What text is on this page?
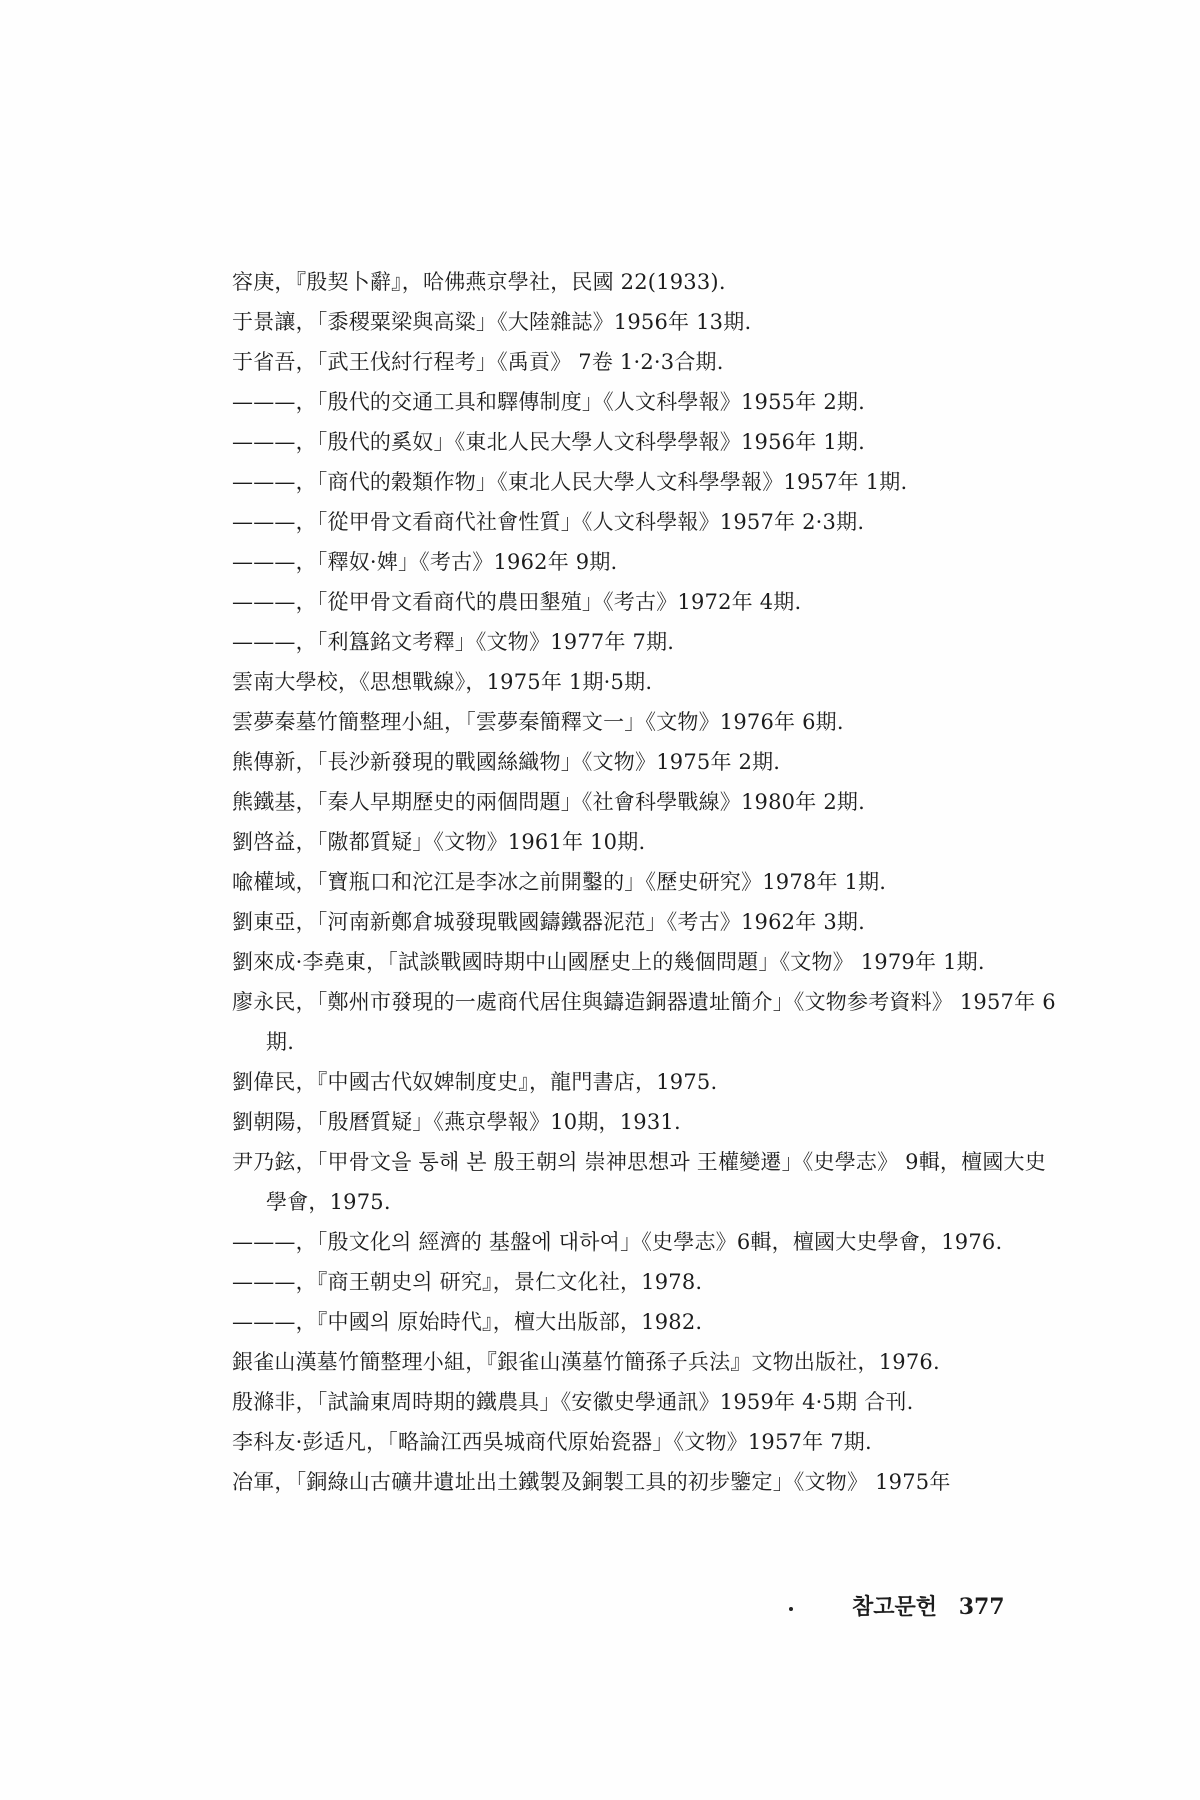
容庚，『殷契卜辭』，哈佛燕京學社，民國 22(1933).
于景讓，「黍稷粟梁與高粱」《大陸雜誌》1956年 13期.
于省吾，「武王伐紂行程考」《禹貢》 7卷 1·2·3合期.
———，「殷代的交通工具和驛傳制度」《人文科學報》1955年 2期.
———，「殷代的奚奴」《東北人民大學人文科學學報》1956年 1期.
———，「商代的穀類作物」《東北人民大學人文科學學報》1957年 1期.
———，「從甲骨文看商代社會性質」《人文科學報》1957年 2·3期.
———，「釋奴·婢」《考古》1962年 9期.
———，「從甲骨文看商代的農田墾殖」《考古》1972年 4期.
———，「利簋銘文考釋」《文物》1977年 7期.
雲南大學校，《思想戰線》，1975年 1期·5期.
雲夢秦墓竹簡整理小組，「雲夢秦簡釋文一」《文物》1976年 6期.
熊傳新，「長沙新發現的戰國絲織物」《文物》1975年 2期.
熊鐵基，「秦人早期歷史的兩個問題」《社會科學戰線》1980年 2期.
劉啓益，「隞都質疑」《文物》1961年 10期.
喩權域，「寶瓶口和沱江是李冰之前開鑿的」《歷史研究》1978年 1期.
劉東亞，「河南新鄭倉城發現戰國鑄鐵器泥范」《考古》1962年 3期.
劉來成·李堯東，「試談戰國時期中山國歷史上的幾個問題」《文物》 1979年 1期.
廖永民，「鄭州市發現的一處商代居住與鑄造銅器遺址簡介」《文物参考資料》 1957年 6期.
劉偉民，『中國古代奴婢制度史』，龍門書店，1975.
劉朝陽，「殷曆質疑」《燕京學報》10期，1931.
尹乃鉉，「甲骨文을 통해 본 殷王朝의 崇神思想과 王權變遷」《史學志》 9輯，檀國大史學會，1975.
———，「殷文化의 經濟的 基盤에 대하여」《史學志》6輯，檀國大史學會，1976.
———，『商王朝史의 研究』，景仁文化社，1978.
———，『中國의 原始時代』，檀大出版部，1982.
銀雀山漢墓竹簡整理小組，『銀雀山漢墓竹簡孫子兵法』文物出版社，1976.
殷滌非，「試論東周時期的鐵農具」《安徽史學通訊》1959年 4·5期 合刊.
李科友·彭适凡，「略論江西吳城商代原始瓷器」《文物》1957年 7期.
冶軍，「銅綠山古礦井遺址出土鐵製及銅製工具的初步鑒定」《文物》 1975年
참고문헌 377
